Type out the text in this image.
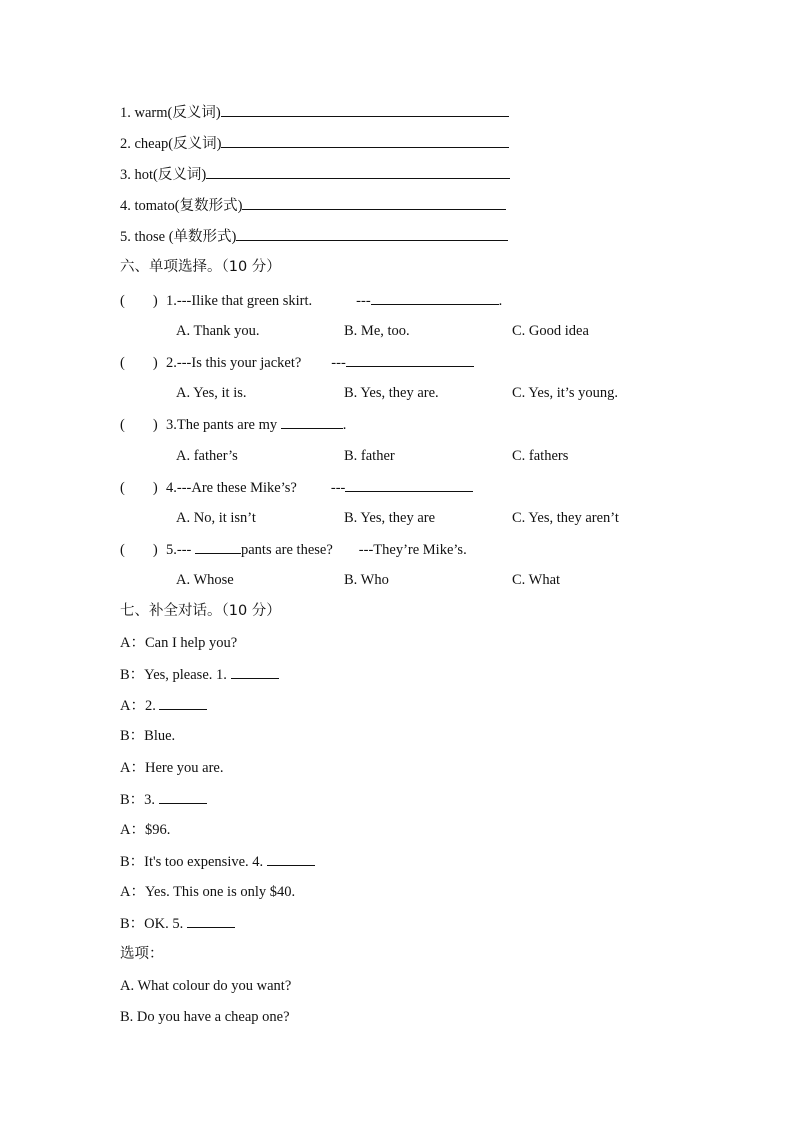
1. warm(反义词)
2. cheap(反义词)
3. hot(反义词)
4. tomato(复数形式)
5. those (单数形式)
六、单项选择。（10 分）
( ) 1.---Ilike that green skirt.	---	.
A. Thank you.	B. Me, too.	C. Good idea
( ) 2.---Is this your jacket? ---
A. Yes, it is.	B. Yes, they are.	C. Yes, it’s young.
( ) 3.The pants are my	.
A. father’s	B. father	C. fathers
( ) 4.---Are these Mike’s? ---
A. No, it isn’t	B. Yes, they are	C. Yes, they aren’t
( ) 5.---	pants are these? ---They’re Mike’s.
A. Whose	B. Who	C. What
七、补全对话。（10 分）
A：Can I help you?
B：Yes, please. 1.
A：2.
B：Blue.
A：Here you are.
B：3.
A：$96.
B：It's too expensive. 4.
A：Yes. This one is only $40.
B：OK. 5.
选项：
A. What colour do you want?
B. Do you have a cheap one?
